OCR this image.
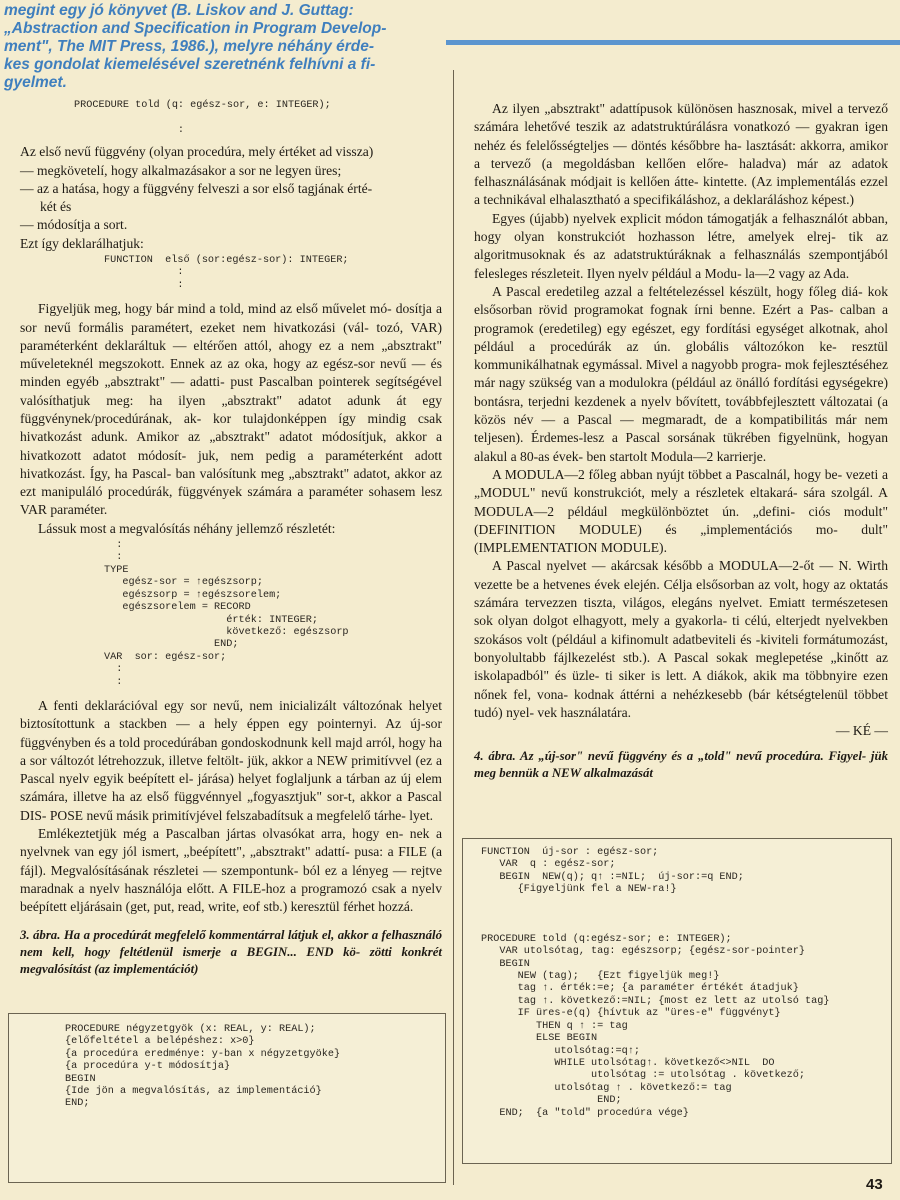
megint egy jó könyvet (B. Liskov and J. Guttag:
„Abstraction and Specification in Program Develop-
ment", The MIT Press, 1986.), melyre néhány érde-
kes gondolat kiemelésével szeretnénk felhívni a fi-
gyelmet.
PROCEDURE told (q: egész-sor, e: INTEGER);

:

Az első nevű függvény (olyan procedúra, mely értéket ad vissza)

— megkövetelí, hogy alkalmazásakor a sor ne legyen üres;

— az a hatása, hogy a függvény felveszi a sor első tagjának érté-

két és

— módosítja a sort.

Ezt így deklarálhatjuk:

FUNCTION  első (sor:egész-sor): INTEGER;
:
:

Figyeljük meg, hogy bár mind a told, mind az első művelet mó- dosítja a sor nevű formális paramétert, ezeket nem hivatkozási (vál- tozó, VAR) paraméterként deklaráltuk — eltérően attól, ahogy ez a nem „absztrakt" műveleteknél megszokott. Ennek az az oka, hogy az egész-sor nevű — és minden egyéb „absztrakt" — adatti- pust Pascalban pointerek segítségével valósíthatjuk meg: ha ilyen „absztrakt" adatot adunk át egy függvénynek/procedúrának, ak- kor tulajdonképpen így mindig csak hivatkozást adunk. Amikor az „absztrakt" adatot módosítjuk, akkor a hivatkozott adatot módosít- juk, nem pedig a paraméterként adott hivatkozást. Így, ha Pascal- ban valósítunk meg „absztrakt" adatot, akkor az ezt manipuláló procedúrák, függvények számára a paraméter sohasem lesz VAR paraméter.

Lássuk most a megvalósítás néhány jellemző részletét:

:
:
TYPE
egész-sor = ↑egészsorp;
egészsorp = ↑egészsorelem;
egészsorelem = RECORD
érték: INTEGER;
következő: egészsorp
END;
VAR  sor: egész-sor;
:
:

A fenti deklarációval egy sor nevű, nem inicializált változónak helyet biztosítottunk a stackben — a hely éppen egy pointernyi. Az új-sor függvényben és a told procedúrában gondoskodnunk kell majd arról, hogy ha a sor változót létrehozzuk, illetve feltölt- jük, akkor a NEW primitívvel (ez a Pascal nyelv egyik beépített el- járása) helyet foglaljunk a tárban az új elem számára, illetve ha az első függvénnyel „fogyasztjuk" sor-t, akkor a Pascal DIS- POSE nevű másik primitívjével felszabadítsuk a megfelelő tárhe- lyet.

Emlékeztetjük még a Pascalban jártas olvasókat arra, hogy en- nek a nyelvnek van egy jól ismert, „beépített", „absztrakt" adattí- pusa: a FILE (a fájl). Megvalósításának részletei — szempontunk- ból ez a lényeg — rejtve maradnak a nyelv használója előtt. A FILE-hoz a programozó csak a nyelv beépített eljárásain (get, put, read, write, eof stb.) keresztül férhet hozzá.

3. ábra. Ha a procedúrát megfelelő kommentárral látjuk el, akkor a felhasználó nem kell, hogy feltétlenül ismerje a BEGIN... END kö- zötti konkrét megvalósítást (az implementációt)

PROCEDURE négyzetgyök (x: REAL, y: REAL);
{előfeltétel a belépéshez: x>0}
{a procedúra eredménye: y-ban x négyzetgyöke}
{a procedúra y-t módosítja}
BEGIN
{Ide jön a megvalósítás, az implementáció}
END;

Az ilyen „absztrakt" adattípusok különösen hasznosak, mivel a tervező számára lehetővé teszik az adatstruktúrálásra vonatkozó — gyakran igen nehéz és felelősségteljes — döntés későbbre ha- lasztását: akkorra, amikor a tervező (a megoldásban kellően előre- haladva) már az adatok felhasználásának módjait is kellően átte- kintette. (Az implementálás ezzel a technikával elhalasztható a specifikáláshoz, a deklaráláshoz képest.)

Egyes (újabb) nyelvek explicit módon támogatják a felhasználót abban, hogy olyan konstrukciót hozhasson létre, amelyek elrej- tik az algoritmusoknak és az adatstruktúráknak a felhasználás szempontjából felesleges részleteit. Ilyen nyelv például a Modu- la—2 vagy az Ada.

A Pascal eredetileg azzal a feltételezéssel készült, hogy főleg diá- kok elsősorban rövid programokat fognak írni benne. Ezért a Pas- calban a programok (eredetileg) egy egészet, egy fordítási egységet alkotnak, ahol például a procedúrák az ún. globális változókon ke- resztül kommunikálhatnak egymással. Mivel a nagyobb progra- mok fejlesztéséhez már nagy szükség van a modulokra (például az önálló fordítási egységekre) bontásra, terjedni kezdenek a nyelv bővített, továbbfejlesztett változatai (a közös név — a Pascal — megmaradt, de a kompatibilitás már nem teljesen). Érdemes-lesz a Pascal sorsának tükrében figyelnünk, hogyan alakul a 80-as évek- ben startolt Modula—2 karrierje.

A MODULA—2 főleg abban nyújt többet a Pascalnál, hogy be- vezeti a „MODUL" nevű konstrukciót, mely a részletek eltakará- sára szolgál. A MODULA—2 például megkülönböztet ún. „defini- ciós modult" (DEFINITION MODULE) és „implementációs mo- dult" (IMPLEMENTATION MODULE).

A Pascal nyelvet — akárcsak később a MODULA—2-őt — N. Wirth vezette be a hetvenes évek elején. Célja elsősorban az volt, hogy az oktatás számára tervezzen tiszta, világos, elegáns nyelvet. Emiatt természetesen sok olyan dolgot elhagyott, mely a gyakorla- ti célú, elterjedt nyelvekben szokásos volt (például a kifinomult adatbeviteli és -kiviteli formátumozást, bonyolultabb fájlkezelést stb.). A Pascal sokak meglepetése „kinőtt az iskolapadból" és üzle- ti siker is lett. A diákok, akik ma többnyire ezen nőnek fel, vona- kodnak áttérni a nehézkesebb (bár kétségtelenül többet tudó) nyel- vek használatára.

— KÉ —

4. ábra. Az „új-sor" nevű függvény és a „told" nevű procedúra. Figyel- jük meg bennük a NEW alkalmazását

FUNCTION  új-sor : egész-sor;
VAR  q : egész-sor;
BEGIN  NEW(q); q↑ :=NIL;  új-sor:=q END;
{Figyeljünk fel a NEW-ra!}

PROCEDURE told (q:egész-sor; e: INTEGER);
VAR utolsótag, tag: egészsorp; {egész-sor-pointer}
BEGIN
NEW (tag);   {Ezt figyeljük meg!}
tag ↑. érték:=e; {a paraméter értékét átadjuk}
tag ↑. következő:=NIL; {most ez lett az utolsó tag}
IF üres-e(q) {hívtuk az "üres-e" függvényt}
THEN q ↑ := tag
ELSE BEGIN
utolsótag:=q↑;
WHILE utolsótag↑. következő<>NIL  DO
utolsótag := utolsótag . következő;
utolsótag ↑ . következő:= tag
END;
END;  {a "told" procedúra vége}
43
